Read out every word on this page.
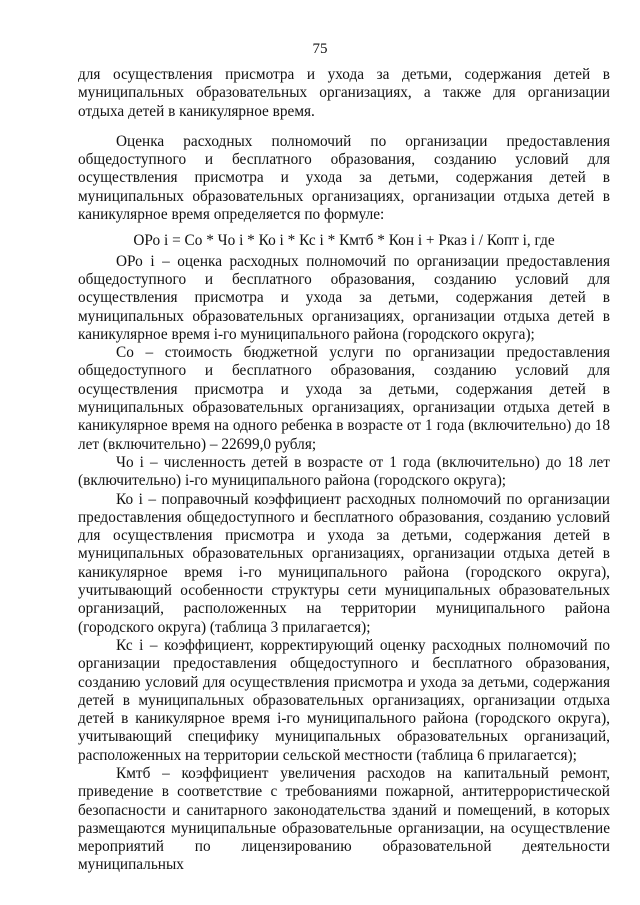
75

для осуществления присмотра и ухода за детьми, содержания детей в муниципальных образовательных организациях, а также для организации отдыха детей в каникулярное время.

Оценка расходных полномочий по организации предоставления общедоступного и бесплатного образования, созданию условий для осуществления присмотра и ухода за детьми, содержания детей в муниципальных образовательных организациях, организации отдыха детей в каникулярное время определяется по формуле:

ОРо i = Со * Чо i * Ко i * Кс i * Кмтб * Кон i + Рказ i / Копт i, где

ОРо i – оценка расходных полномочий по организации предоставления общедоступного и бесплатного образования, созданию условий для осуществления присмотра и ухода за детьми, содержания детей в муниципальных образовательных организациях, организации отдыха детей в каникулярное время i-го муниципального района (городского округа);

Со – стоимость бюджетной услуги по организации предоставления общедоступного и бесплатного образования, созданию условий для осуществления присмотра и ухода за детьми, содержания детей в муниципальных образовательных организациях, организации отдыха детей в каникулярное время на одного ребенка в возрасте от 1 года (включительно) до 18 лет (включительно) – 22699,0 рубля;

Чо i – численность детей в возрасте от 1 года (включительно) до 18 лет (включительно) i-го муниципального района (городского округа);

Ко i – поправочный коэффициент расходных полномочий по организации предоставления общедоступного и бесплатного образования, созданию условий для осуществления присмотра и ухода за детьми, содержания детей в муниципальных образовательных организациях, организации отдыха детей в каникулярное время i-го муниципального района (городского округа), учитывающий особенности структуры сети муниципальных образовательных организаций, расположенных на территории муниципального района (городского округа) (таблица 3 прилагается);

Кс i – коэффициент, корректирующий оценку расходных полномочий по организации предоставления общедоступного и бесплатного образования, созданию условий для осуществления присмотра и ухода за детьми, содержания детей в муниципальных образовательных организациях, организации отдыха детей в каникулярное время i-го муниципального района (городского округа), учитывающий специфику муниципальных образовательных организаций, расположенных на территории сельской местности (таблица 6 прилагается);

Кмтб – коэффициент увеличения расходов на капитальный ремонт, приведение в соответствие с требованиями пожарной, антитеррористической безопасности и санитарного законодательства зданий и помещений, в которых размещаются муниципальные образовательные организации, на осуществление мероприятий по лицензированию образовательной деятельности муниципальных
